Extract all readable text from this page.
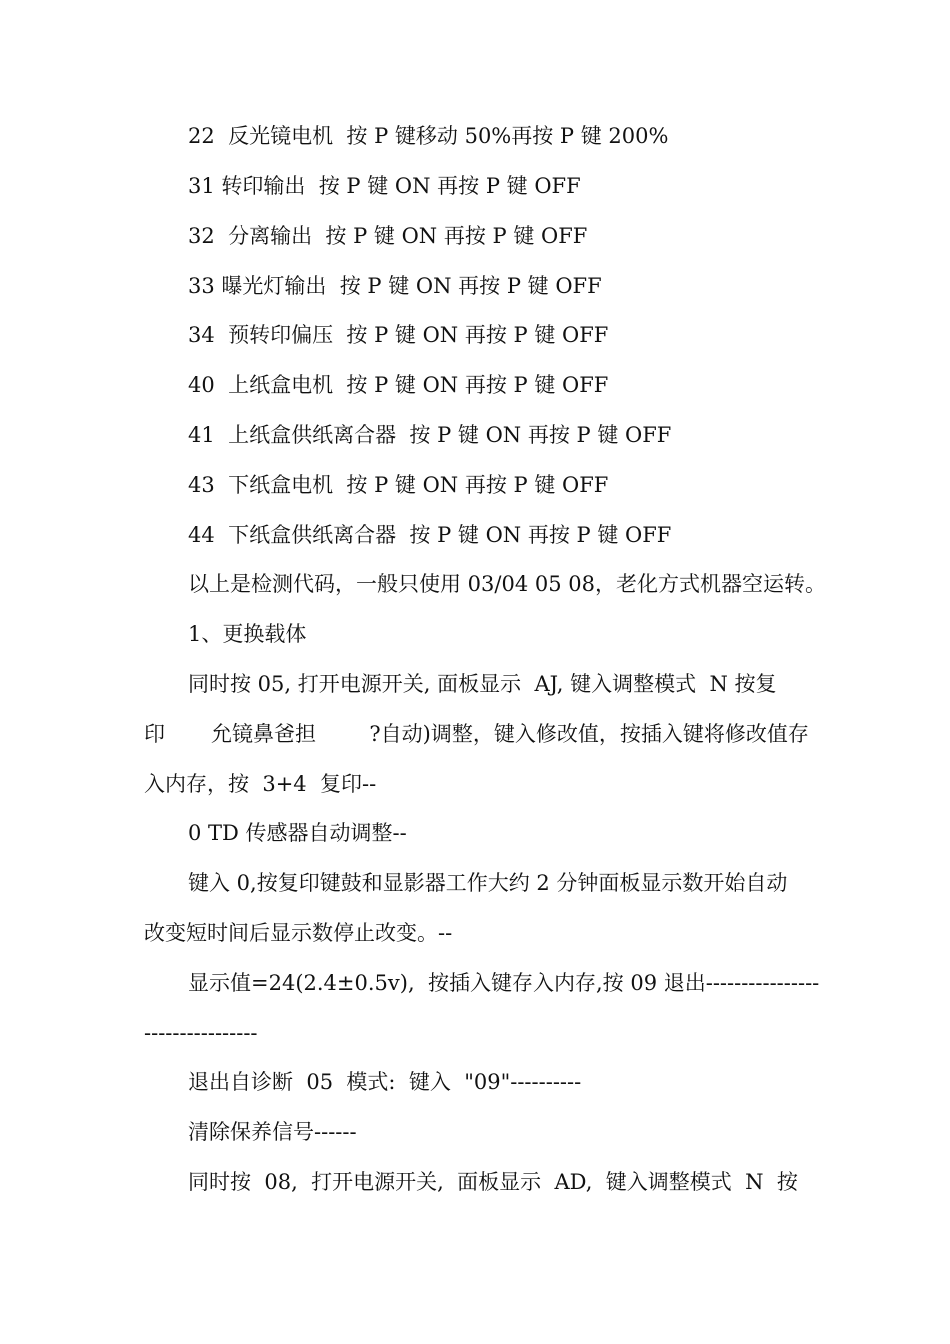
22  反光镜电机  按 P 键移动 50%再按 P 键 200%
31 转印输出  按 P 键 ON 再按 P 键 OFF
32  分离输出  按 P 键 ON 再按 P 键 OFF
33 曝光灯输出  按 P 键 ON 再按 P 键 OFF
34  预转印偏压  按 P 键 ON 再按 P 键 OFF
40  上纸盒电机  按 P 键 ON 再按 P 键 OFF
41  上纸盒供纸离合器  按 P 键 ON 再按 P 键 OFF
43  下纸盒电机  按 P 键 ON 再按 P 键 OFF
44  下纸盒供纸离合器  按 P 键 ON 再按 P 键 OFF
以上是检测代码，一般只使用 03/04 05 08，老化方式机器空运转。
1、更换载体
同时按 05, 打开电源开关, 面板显示  AJ, 键入调整模式  N 按复
印 允镜鼻爸担        ?自动)调整，键入修改值，按插入键将修改值存
入内存，按  3+4  复印--
0 TD 传感器自动调整--
键入 0,按复印键鼓和显影器工作大约 2 分钟面板显示数开始自动
改变短时间后显示数停止改变。--
显示值=24(2.4±0.5v),  按插入键存入内存,按 09 退出----------------
----------------
退出自诊断  05  模式:  键入  "09"----------
清除保养信号------
同时按  08,  打开电源开关,  面板显示  AD,  键入调整模式  N  按
